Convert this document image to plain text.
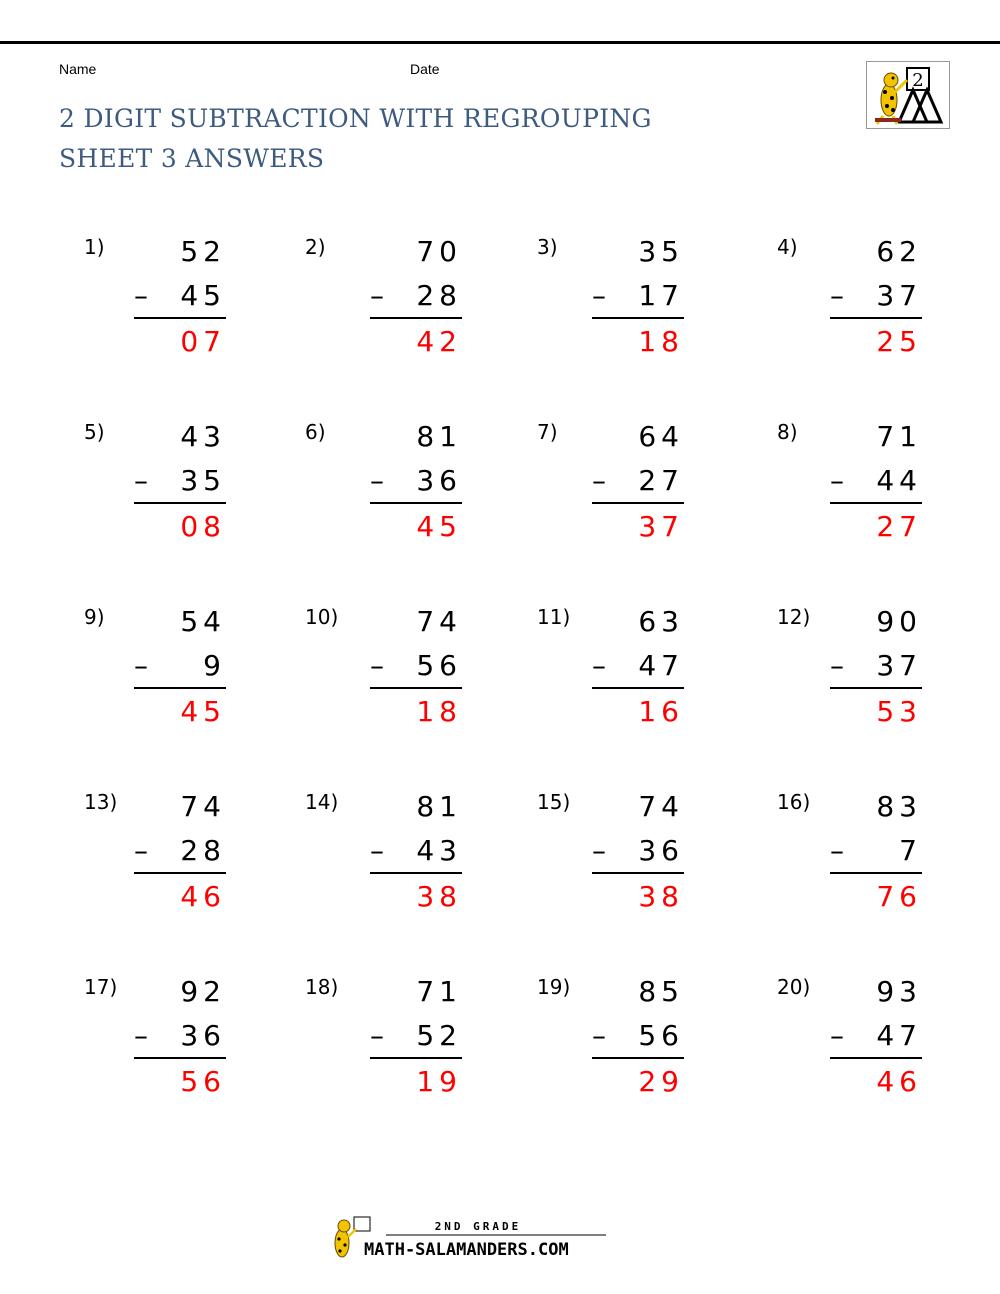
Name	Date
2 DIGIT SUBTRACTION WITH REGROUPING
SHEET 3 ANSWERS
2
1)	52
– 45
07
2)	70
– 28
42
3)	35
– 17
18
4)	62
– 37
25
5)	43
– 35
08
6)	81
– 36
45
7)	64
– 27
37
8)	71
– 44
27
9)	54
– 9
45
10)	74
– 56
18
11) 63
– 47
16
12) 90
– 37
53
13) 74
– 28
46
14)	81
– 43
38
15) 74
– 36
38
16) 83
– 7
76
17) 92
– 36
56
18)	71
– 52
19
19) 85
– 56
29
20) 93
– 47
46
2ND GRADE
MATH-SALAMANDERS.COM
